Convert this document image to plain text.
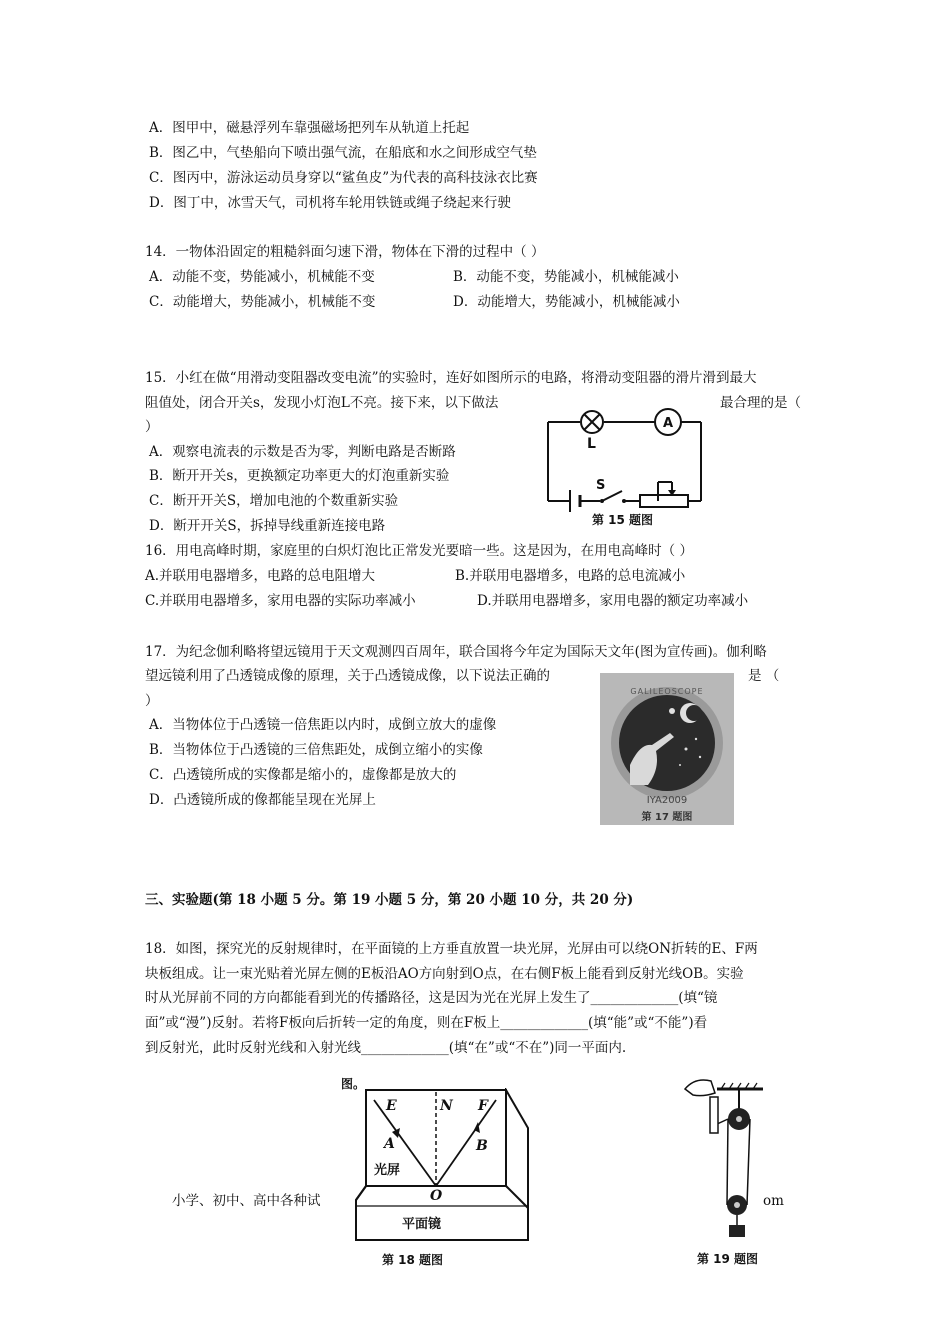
A．图甲中，磁悬浮列车靠强磁场把列车从轨道上托起
B．图乙中，气垫船向下喷出强气流，在船底和水之间形成空气垫
C．图丙中，游泳运动员身穿以“鲨鱼皮”为代表的高科技泳衣比赛
D．图丁中，冰雪天气，司机将车轮用铁链或绳子绕起来行驶
14．一物体沿固定的粗糙斜面匀速下滑，物体在下滑的过程中（ ）
A．动能不变，势能减小，机械能不变	B．动能不变，势能减小，机械能减小
C．动能增大，势能减小，机械能不变	D．动能增大，势能减小，机械能减小
15．小红在做“用滑动变阻器改变电流”的实验时，连好如图所示的电路，将滑动变阻器的滑片滑到最大
阻值处，闭合开关s，发现小灯泡L不亮。接下来，以下做法	最合理的是（
）
A．观察电流表的示数是否为零，判断电路是否断路
B．断开开关s，更换额定功率更大的灯泡重新实验
C．断开开关S，增加电池的个数重新实验
D．断开开关S，拆掉导线重新连接电路
A
L
S
第 15 题图
16．用电高峰时期，家庭里的白炽灯泡比正常发光要暗一些。这是因为，在用电高峰时（ ）
A.并联用电器增多，电路的总电阻增大	B.并联用电器增多，电路的总电流减小
C.并联用电器增多，家用电器的实际功率减小	D.并联用电器增多，家用电器的额定功率减小
17．为纪念伽利略将望远镜用于天文观测四百周年，联合国将今年定为国际天文年(图为宣传画)。伽利略
望远镜利用了凸透镜成像的原理，关于凸透镜成像，以下说法正确的	是 （
）
A．当物体位于凸透镜一倍焦距以内时，成倒立放大的虚像
B．当物体位于凸透镜的三倍焦距处，成倒立缩小的实像
C．凸透镜所成的实像都是缩小的，虚像都是放大的
D．凸透镜所成的像都能呈现在光屏上
GALILEOSCOPE
IYA2009
第 17 题图
三、实验题(第 18 小题 5 分。第 19 小题 5 分，第 20 小题 10 分，共 20 分)
18．如图，探究光的反射规律时，在平面镜的上方垂直放置一块光屏，光屏由可以绕ON折转的E、F两
块板组成。让一束光贴着光屏左侧的E板沿AO方向射到O点，在右侧F板上能看到反射光线OB。实验
时从光屏前不同的方向都能看到光的传播路径，这是因为光在光屏上发生了_____________(填“镜
面”或“漫”)反射。若将F板向后折转一定的角度，则在F板上_____________(填“能”或“不能”)看
到反射光，此时反射光线和入射光线_____________(填“在”或“不在”)同一平面内.
图。
小学、初中、高中各种试
E	N F
A	B
O
光屏
平面镜
第 18 题图	第 19 题图
om
